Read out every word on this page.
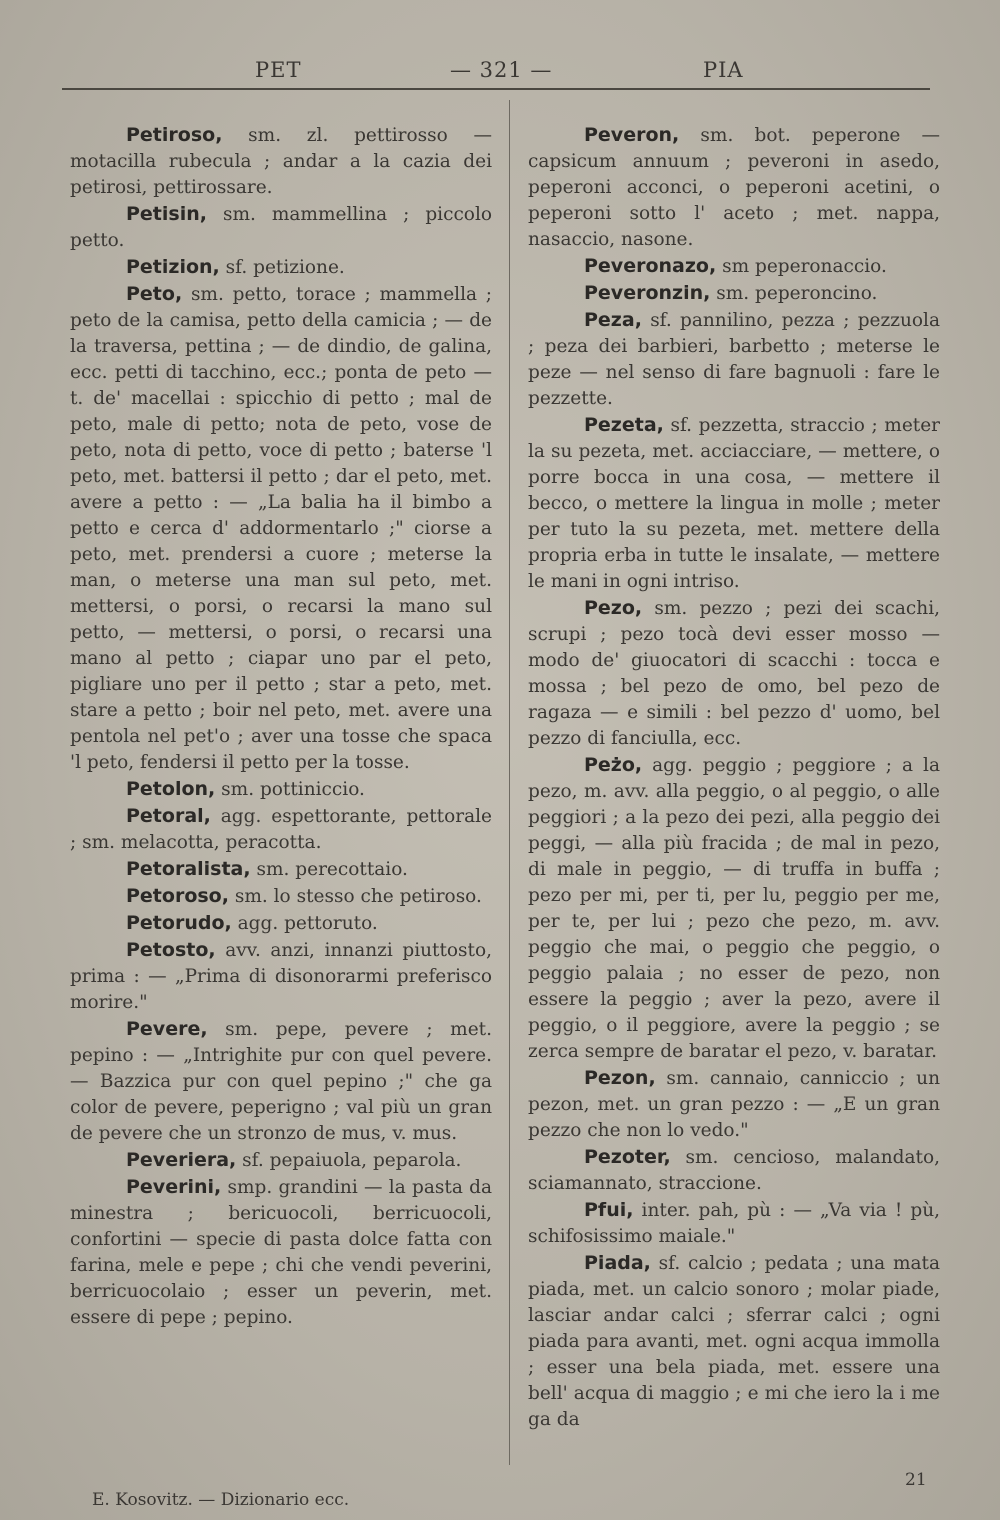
PET	— 321 —	PIA

Petiroso, sm. zl. pettirosso — motacilla rubecula ; andar a la cazia dei petirosi, pettirossare.

Petisin, sm. mammellina ; piccolo petto.

Petizion, sf. petizione.

Peto, sm. petto, torace ; mammella ; peto de la camisa, petto della camicia ; — de la traversa, pettina ; — de dindio, de galina, ecc. petti di tacchino, ecc.; ponta de peto — t. de' macellai : spicchio di petto ; mal de peto, male di petto; nota de peto, vose de peto, nota di petto, voce di petto ; baterse 'l peto, met. battersi il petto ; dar el peto, met. avere a petto : — „La balia ha il bimbo a petto e cerca d' addormentarlo ;" ciorse a peto, met. prendersi a cuore ; meterse la man, o meterse una man sul peto, met. mettersi, o porsi, o recarsi la mano sul petto, — mettersi, o porsi, o recarsi una mano al petto ; ciapar uno par el peto, pigliare uno per il petto ; star a peto, met. stare a petto ; boir nel peto, met. avere una pentola nel pet'o ; aver una tosse che spaca 'l peto, fendersi il petto per la tosse.

Petolon, sm. pottiniccio.

Petoral, agg. espettorante, pettorale ; sm. melacotta, peracotta.

Petoralista, sm. perecottaio.

Petoroso, sm. lo stesso che petiroso.

Petorudo, agg. pettoruto.

Petosto, avv. anzi, innanzi piuttosto, prima : — „Prima di disonorarmi preferisco morire."

Pevere, sm. pepe, pevere ; met. pepino : — „Intrighite pur con quel pevere. — Bazzica pur con quel pepino ;" che ga color de pevere, peperigno ; val più un gran de pevere che un stronzo de mus, v. mus.

Peveriera, sf. pepaiuola, peparola.

Peverini, smp. grandini — la pasta da minestra ; bericuocoli, berricuocoli, confortini — specie di pasta dolce fatta con farina, mele e pepe ; chi che vendi peverini, berricuocolaio ; esser un peverin, met. essere di pepe ; pepino.

Peveron, sm. bot. peperone — capsicum annuum ; peveroni in asedo, peperoni acconci, o peperoni acetini, o peperoni sotto l' aceto ; met. nappa, nasaccio, nasone.

Peveronazo, sm peperonaccio.

Peveronzin, sm. peperoncino.

Peza, sf. pannilino, pezza ; pezzuola ; peza dei barbieri, barbetto ; meterse le peze — nel senso di fare bagnuoli : fare le pezzette.

Pezeta, sf. pezzetta, straccio ; meter la su pezeta, met. acciacciare, — mettere, o porre bocca in una cosa, — mettere il becco, o mettere la lingua in molle ; meter per tuto la su pezeta, met. mettere della propria erba in tutte le insalate, — mettere le mani in ogni intriso.

Pezo, sm. pezzo ; pezi dei scachi, scrupi ; pezo tocà devi esser mosso — modo de' giuocatori di scacchi : tocca e mossa ; bel pezo de omo, bel pezo de ragaza — e simili : bel pezzo d' uomo, bel pezzo di fanciulla, ecc.

Peżo, agg. peggio ; peggiore ; a la pezo, m. avv. alla peggio, o al peggio, o alle peggiori ; a la pezo dei pezi, alla peggio dei peggi, — alla più fracida ; de mal in pezo, di male in peggio, — di truffa in buffa ; pezo per mi, per ti, per lu, peggio per me, per te, per lui ; pezo che pezo, m. avv. peggio che mai, o peggio che peggio, o peggio palaia ; no esser de pezo, non essere la peggio ; aver la pezo, avere il peggio, o il peggiore, avere la peggio ; se zerca sempre de baratar el pezo, v. baratar.

Pezon, sm. cannaio, canniccio ; un pezon, met. un gran pezzo : — „E un gran pezzo che non lo vedo."

Pezoter, sm. cencioso, malandato, sciamannato, straccione.

Pfui, inter. pah, pù : — „Va via ! pù, schifosissimo maiale."

Piada, sf. calcio ; pedata ; una mata piada, met. un calcio sonoro ; molar piade, lasciar andar calci ; sferrar calci ; ogni piada para avanti, met. ogni acqua immolla ; esser una bela piada, met. essere una bell' acqua di maggio ; e mi che iero la i me ga da

E. Kosovitz. — Dizionario ecc.
21
